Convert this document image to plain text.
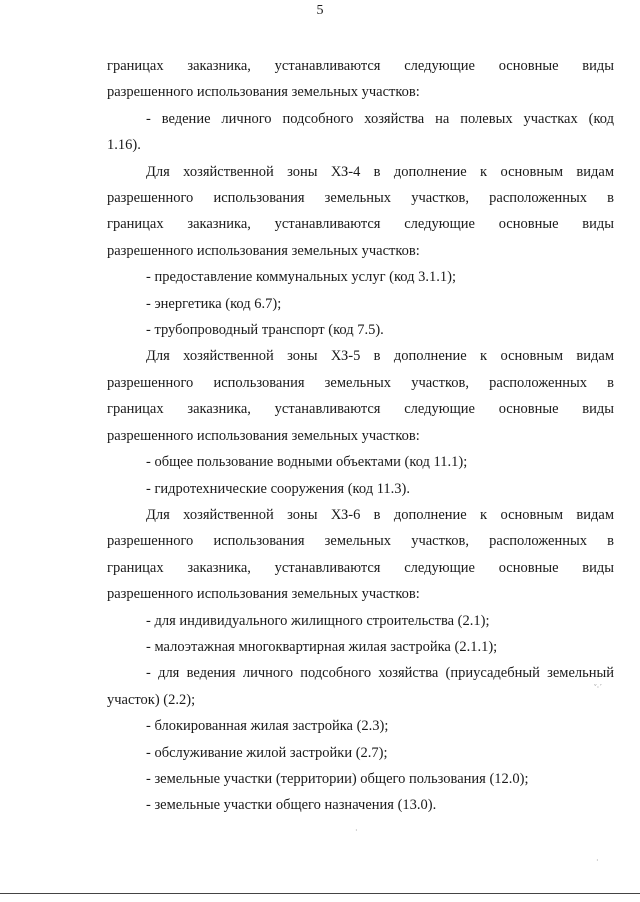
5
границах заказника, устанавливаются следующие основные виды
разрешенного использования земельных участков:
- ведение личного подсобного хозяйства на полевых участках (код
1.16).
Для хозяйственной зоны ХЗ-4 в дополнение к основным видам
разрешенного использования земельных участков, расположенных в
границах заказника, устанавливаются следующие основные виды
разрешенного использования земельных участков:
- предоставление коммунальных услуг (код 3.1.1);
- энергетика (код 6.7);
- трубопроводный транспорт (код 7.5).
Для хозяйственной зоны ХЗ-5 в дополнение к основным видам
разрешенного использования земельных участков, расположенных в
границах заказника, устанавливаются следующие основные виды
разрешенного использования земельных участков:
- общее пользование водными объектами (код 11.1);
- гидротехнические сооружения (код 11.3).
Для хозяйственной зоны ХЗ-6 в дополнение к основным видам
разрешенного использования земельных участков, расположенных в
границах заказника, устанавливаются следующие основные виды
разрешенного использования земельных участков:
- для индивидуального жилищного строительства (2.1);
- малоэтажная многоквартирная жилая застройка (2.1.1);
- для ведения личного подсобного хозяйства (приусадебный земельный
участок) (2.2);
- блокированная жилая застройка (2.3);
- обслуживание жилой застройки (2.7);
- земельные участки (территории) общего пользования (12.0);
- земельные участки общего назначения (13.0).
ˇ·ˊ
·
·
